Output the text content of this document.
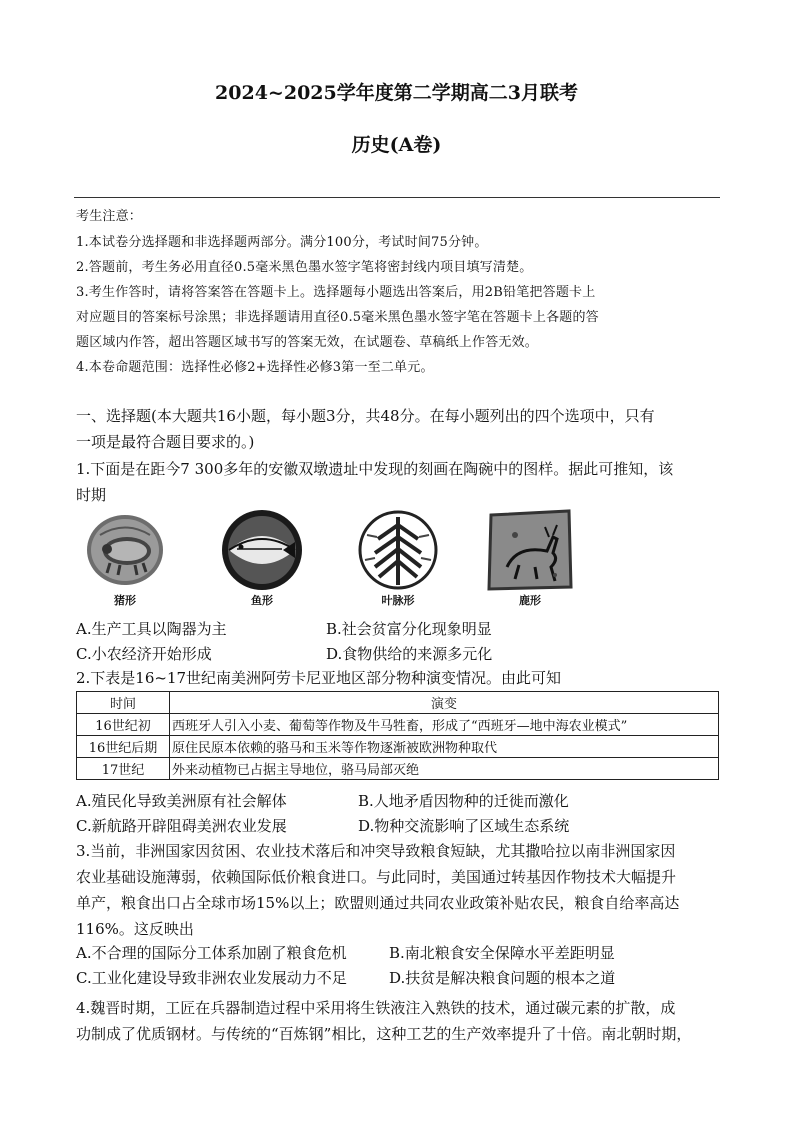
2024~2025学年度第二学期高二3月联考
历史(A卷)
考生注意：
1.本试卷分选择题和非选择题两部分。满分100分，考试时间75分钟。
2.答题前，考生务必用直径0.5毫米黑色墨水签字笔将密封线内项目填写清楚。
3.考生作答时，请将答案答在答题卡上。选择题每小题选出答案后，用2B铅笔把答题卡上
对应题目的答案标号涂黑；非选择题请用直径0.5毫米黑色墨水签字笔在答题卡上各题的答
题区域内作答，超出答题区域书写的答案无效，在试题卷、草稿纸上作答无效。
4.本卷命题范围：选择性必修2+选择性必修3第一至二单元。
一、选择题(本大题共16小题，每小题3分，共48分。在每小题列出的四个选项中，只有
一项是最符合题目要求的。)
1.下面是在距今7 300多年的安徽双墩遗址中发现的刻画在陶碗中的图样。据此可推知，该
时期
猪形	鱼形	叶脉形	鹿形
A.生产工具以陶器为主	B.社会贫富分化现象明显
C.小农经济开始形成	D.食物供给的来源多元化
2.下表是16~17世纪南美洲阿劳卡尼亚地区部分物种演变情况。由此可知
时间	演变
16世纪初	西班牙人引入小麦、葡萄等作物及牛马牲畜，形成了“西班牙—地中海农业模式”
16世纪后期	原住民原本依赖的骆马和玉米等作物逐渐被欧洲物种取代
17世纪	外来动植物已占据主导地位，骆马局部灭绝
A.殖民化导致美洲原有社会解体	B.人地矛盾因物种的迁徙而激化
C.新航路开辟阻碍美洲农业发展	D.物种交流影响了区域生态系统
3.当前，非洲国家因贫困、农业技术落后和冲突导致粮食短缺，尤其撒哈拉以南非洲国家因
农业基础设施薄弱，依赖国际低价粮食进口。与此同时，美国通过转基因作物技术大幅提升
单产，粮食出口占全球市场15%以上；欧盟则通过共同农业政策补贴农民，粮食自给率高达
116%。这反映出
A.不合理的国际分工体系加剧了粮食危机	B.南北粮食安全保障水平差距明显
C.工业化建设导致非洲农业发展动力不足	D.扶贫是解决粮食问题的根本之道
4.魏晋时期，工匠在兵器制造过程中采用将生铁液注入熟铁的技术，通过碳元素的扩散，成
功制成了优质钢材。与传统的“百炼钢”相比，这种工艺的生产效率提升了十倍。南北朝时期，
